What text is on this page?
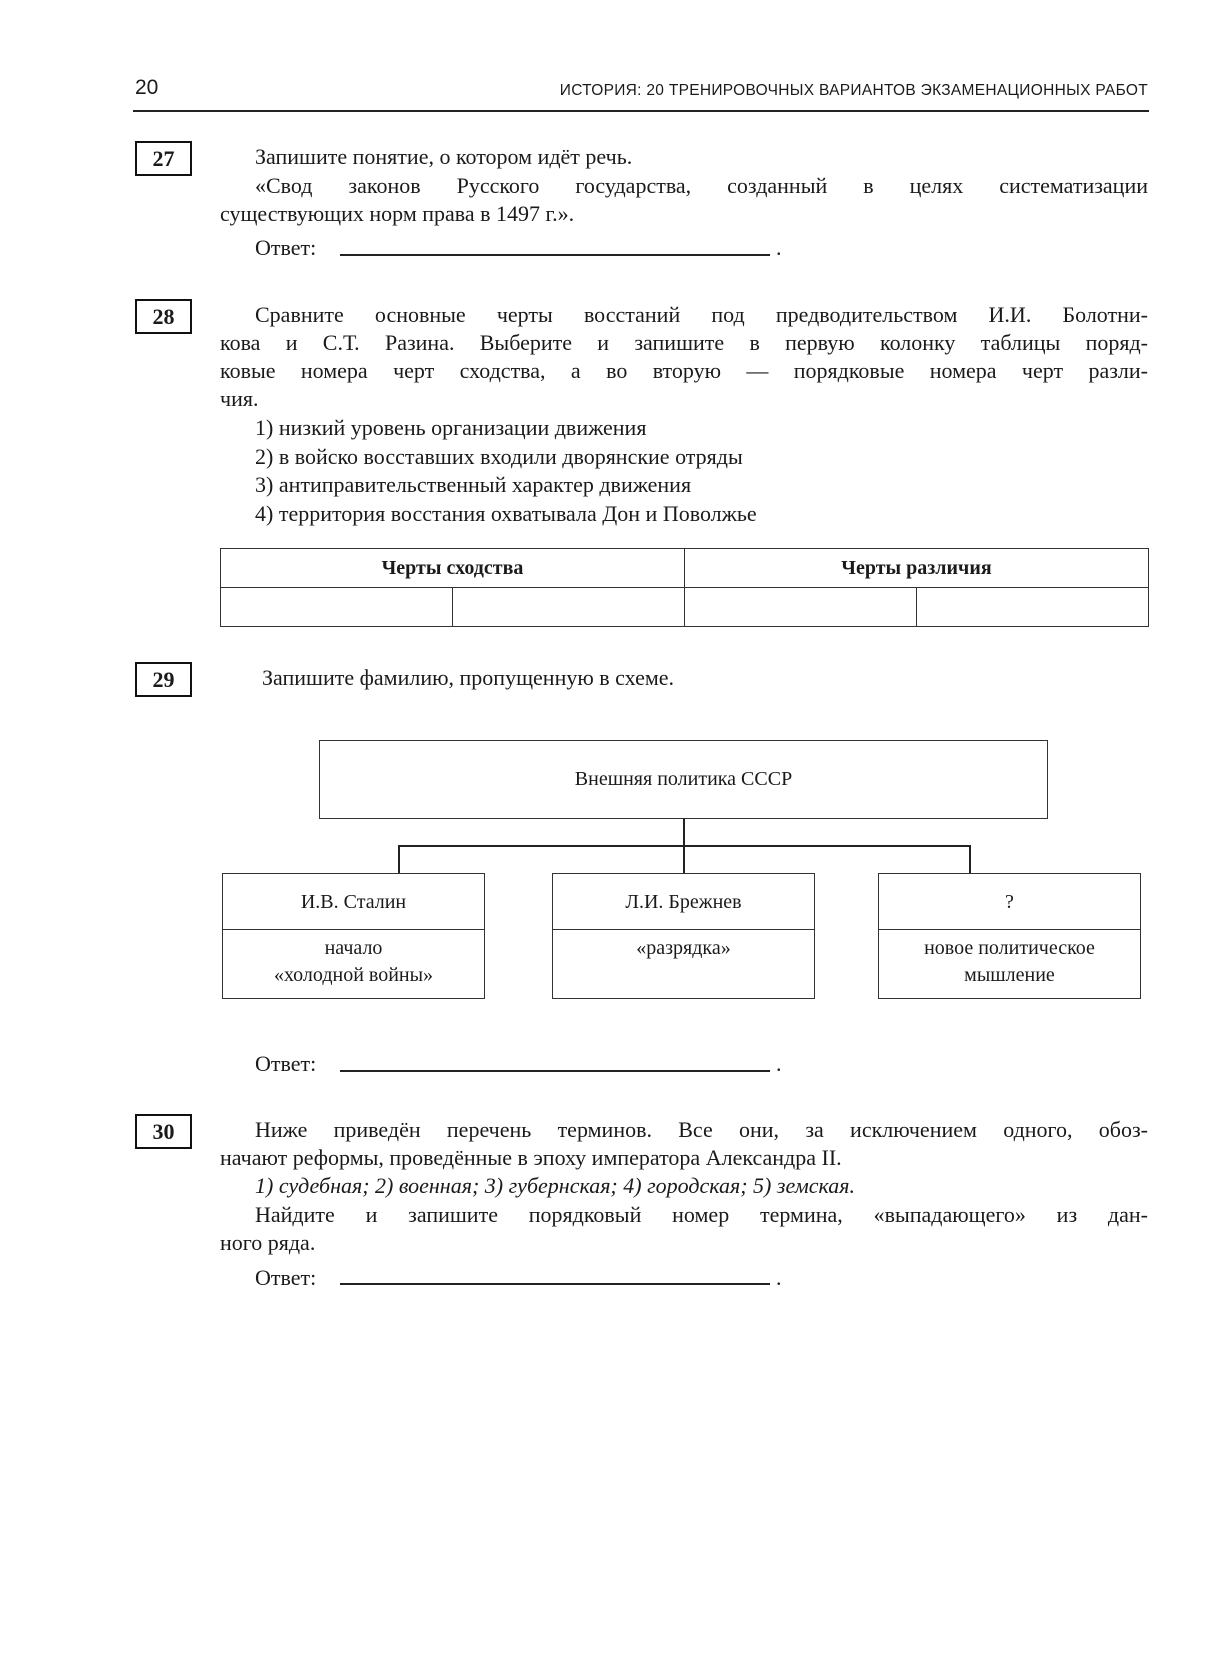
20	ИСТОРИЯ: 20 ТРЕНИРОВОЧНЫХ ВАРИАНТОВ ЭКЗАМЕНАЦИОННЫХ РАБОТ
27	Запишите понятие, о котором идёт речь.
«Свод законов Русского государства, созданный в целях систематизации
существующих норм права в 1497 г.».
Ответ:	.
28	Сравните основные черты восстаний под предводительством И.И. Болотни-
кова и С.Т. Разина. Выберите и запишите в первую колонку таблицы поряд-
ковые номера черт сходства, а во вторую — порядковые номера черт разли-
чия.
1) низкий уровень организации движения
2) в войско восставших входили дворянские отряды
3) антиправительственный характер движения
4) территория восстания охватывала Дон и Поволжье
Черты сходства		Черты различия	

29	Запишите фамилию, пропущенную в схеме.
Внешняя политика СССР
И.В. Сталин
начало
«холодной войны»
Л.И. Брежнев
«разрядка»
?
новое политическое
мышление
Ответ:	.
30	Ниже приведён перечень терминов. Все они, за исключением одного, обоз-
начают реформы, проведённые в эпоху императора Александра II.
1) судебная; 2) военная; 3) губернская; 4) городская; 5) земская.
Найдите и запишите порядковый номер термина, «выпадающего» из дан-
ного ряда.
Ответ:	.
